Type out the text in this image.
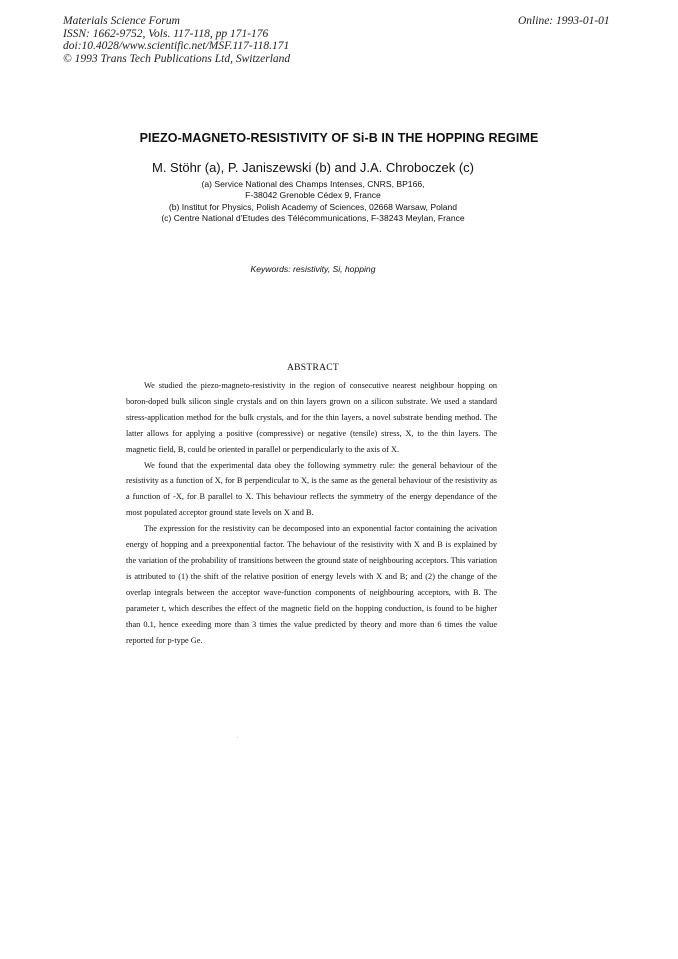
Materials Science Forum
ISSN: 1662-9752, Vols. 117-118, pp 171-176
doi:10.4028/www.scientific.net/MSF.117-118.171
© 1993 Trans Tech Publications Ltd, Switzerland
Online: 1993-01-01
PIEZO-MAGNETO-RESISTIVITY OF Si-B IN THE HOPPING REGIME
M. Stöhr (a), P. Janiszewski (b) and J.A. Chroboczek (c)
(a) Service National des Champs Intenses, CNRS, BP166,
F-38042 Grenoble Cédex 9, France
(b) Institut for Physics, Polish Academy of Sciences, 02668 Warsaw, Poland
(c) Centre National d'Etudes des Télécommunications, F-38243 Meylan, France
Keywords: resistivity, Si, hopping
ABSTRACT

We studied the piezo-magneto-resistivity in the region of consecutive nearest neighbour hopping on boron-doped bulk silicon single crystals and on thin layers grown on a silicon substrate. We used a standard stress-application method for the bulk crystals, and for the thin layers, a novel substrate bending method. The latter allows for applying a positive (compressive) or negative (tensile) stress, X, to the thin layers. The magnetic field, B, could be oriented in parallel or perpendicularly to the axis of X.

We found that the experimental data obey the following symmetry rule: the general behaviour of the resistivity as a function of X, for B perpendicular to X, is the same as the general behaviour of the resistivity as a function of -X, for B parallel to X. This behaviour reflects the symmetry of the energy dependance of the most populated acceptor ground state levels on X and B.

The expression for the resistivity can be decomposed into an exponential factor containing the acivation energy of hopping and a preexponential factor. The behaviour of the resistivity with X and B is explained by the variation of the probability of transitions between the ground state of neighbouring acceptors. This variation is attributed to (1) the shift of the relative position of energy levels with X and B; and (2) the change of the overlap integrals between the acceptor wave-function components of neighbouring acceptors, with B. The parameter t, which describes the effect of the magnetic field on the hopping conduction, is found to be higher than 0.1, hence exeeding more than 3 times the value predicted by theory and more than 6 times the value reported for p-type Ge.
